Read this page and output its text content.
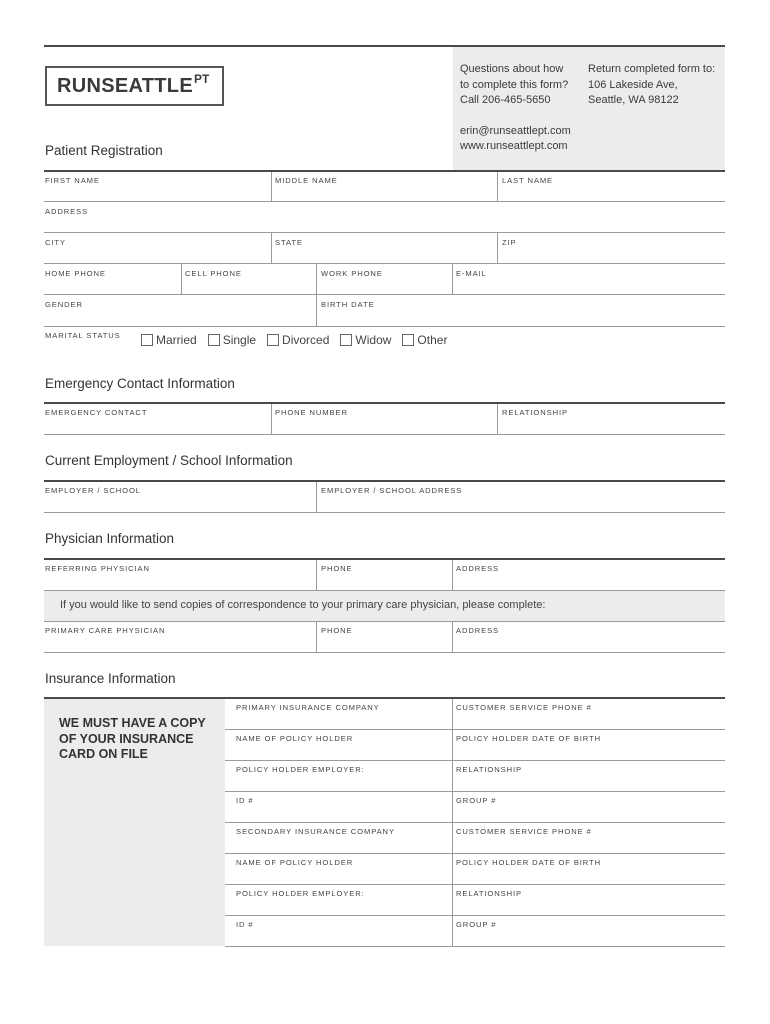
RUNSEATTLE PT
Questions about how
to complete this form?
Call 206-465-5650
Return completed form to:
106 Lakeside Ave,
Seattle, WA 98122
erin@runseattlept.com
www.runseattlept.com
Patient Registration
FIRST NAME	MIDDLE NAME	LAST NAME
ADDRESS
CITY	STATE	ZIP
HOME PHONE	CELL PHONE	WORK PHONE	E-MAIL
GENDER	BIRTH DATE
MARITAL STATUS	Married Single Divorced Widow Other
Emergency Contact Information
EMERGENCY CONTACT	PHONE NUMBER	RELATIONSHIP
Current Employment / School Information
EMPLOYER / SCHOOL	EMPLOYER / SCHOOL ADDRESS
Physician Information
REFERRING PHYSICIAN	PHONE	ADDRESS
If you would like to send copies of correspondence to your primary care physician, please complete:
PRIMARY CARE PHYSICIAN	PHONE	ADDRESS
Insurance Information
WE MUST HAVE A COPY
OF YOUR INSURANCE
CARD ON FILE
PRIMARY INSURANCE COMPANY	CUSTOMER SERVICE PHONE #
NAME OF POLICY HOLDER	POLICY HOLDER DATE OF BIRTH
POLICY HOLDER EMPLOYER:	RELATIONSHIP
ID #	GROUP #
SECONDARY INSURANCE COMPANY	CUSTOMER SERVICE PHONE #
NAME OF POLICY HOLDER	POLICY HOLDER DATE OF BIRTH
POLICY HOLDER EMPLOYER:	RELATIONSHIP
ID #	GROUP #
